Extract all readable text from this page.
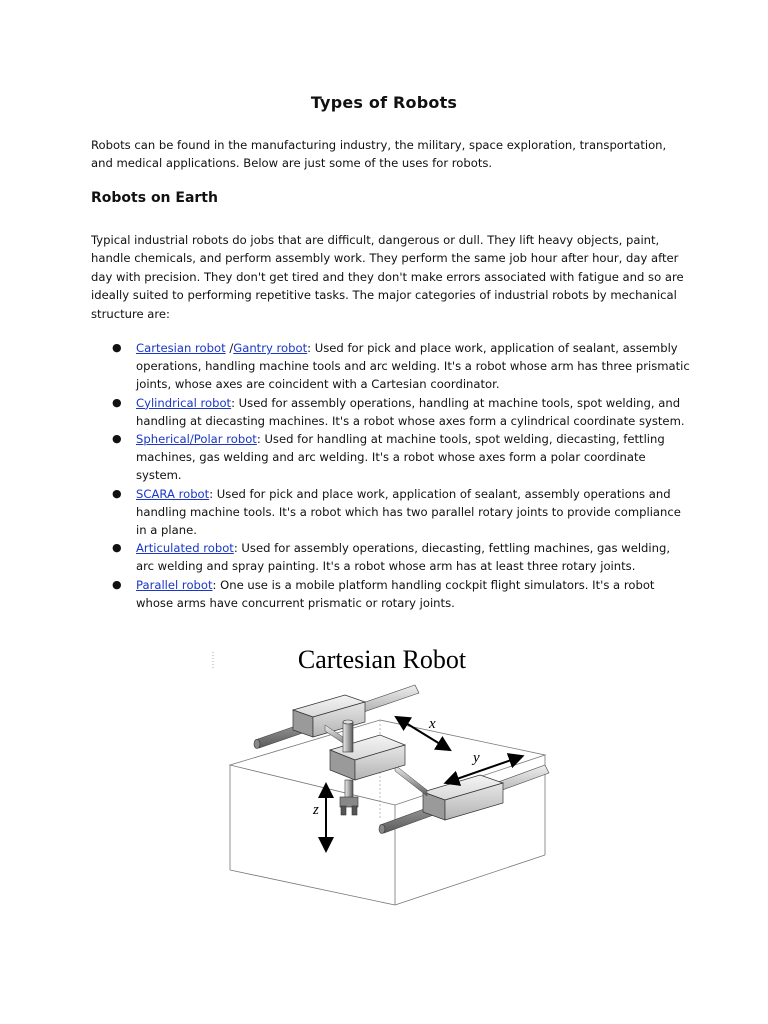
Types of Robots

Robots can be found in the manufacturing industry, the military, space exploration, transportation, and medical applications. Below are just some of the uses for robots.

Robots on Earth

Typical industrial robots do jobs that are difficult, dangerous or dull. They lift heavy objects, paint, handle chemicals, and perform assembly work. They perform the same job hour after hour, day after day with precision. They don't get tired and they don't make errors associated with fatigue and so are ideally suited to performing repetitive tasks. The major categories of industrial robots by mechanical structure are:

● Cartesian robot /Gantry robot: Used for pick and place work, application of sealant, assembly operations, handling machine tools and arc welding. It's a robot whose arm has three prismatic joints, whose axes are coincident with a Cartesian coordinator.
● Cylindrical robot: Used for assembly operations, handling at machine tools, spot welding, and handling at diecasting machines. It's a robot whose axes form a cylindrical coordinate system.
● Spherical/Polar robot: Used for handling at machine tools, spot welding, diecasting, fettling machines, gas welding and arc welding. It's a robot whose axes form a polar coordinate system.
● SCARA robot: Used for pick and place work, application of sealant, assembly operations and handling machine tools. It's a robot which has two parallel rotary joints to provide compliance in a plane.
● Articulated robot: Used for assembly operations, diecasting, fettling machines, gas welding, arc welding and spray painting. It's a robot whose arm has at least three rotary joints.
● Parallel robot: One use is a mobile platform handling cockpit flight simulators. It's a robot whose arms have concurrent prismatic or rotary joints.
Cartesian Robot
x
y
z
